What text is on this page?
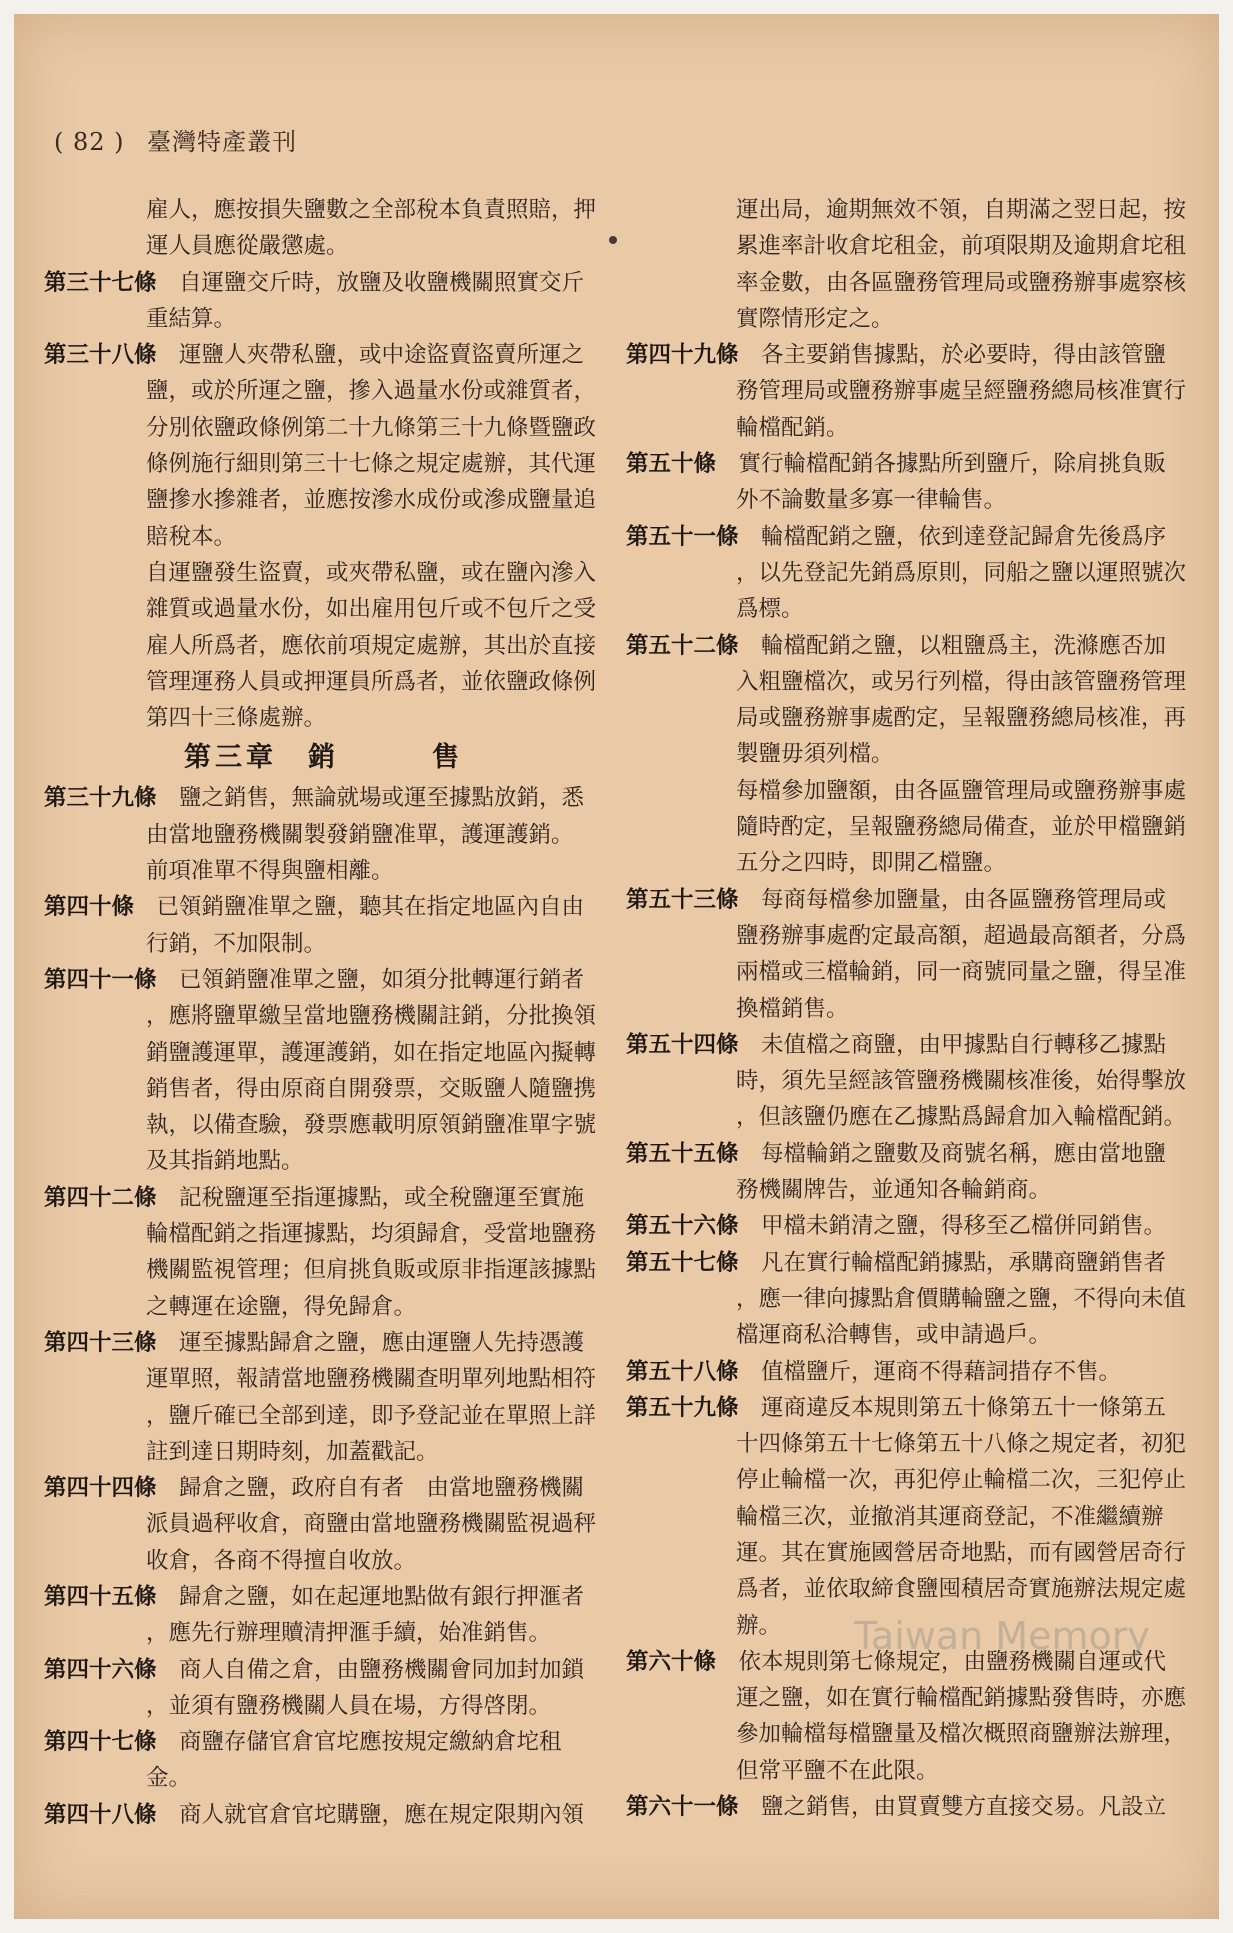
( 82 ) 臺灣特產叢刊
雇人，應按損失鹽數之全部稅本負責照賠，押
運人員應從嚴懲處。
第三十七條　自運鹽交斤時，放鹽及收鹽機關照實交斤
重結算。
第三十八條　運鹽人夾帶私鹽，或中途盜賣盜賣所運之
鹽，或於所運之鹽，摻入過量水份或雜質者，
分別依鹽政條例第二十九條第三十九條暨鹽政
條例施行細則第三十七條之規定處辦，其代運
鹽摻水摻雜者，並應按滲水成份或滲成鹽量追
賠稅本。
自運鹽發生盜賣，或夾帶私鹽，或在鹽內滲入
雜質或過量水份，如出雇用包斤或不包斤之受
雇人所爲者，應依前項規定處辦，其出於直接
管理運務人員或押運員所爲者，並依鹽政條例
第四十三條處辦。
第三章　銷　　　售
第三十九條　鹽之銷售，無論就場或運至據點放銷，悉
由當地鹽務機關製發銷鹽准單，護運護銷。
前項准單不得與鹽相離。
第四十條　已領銷鹽准單之鹽，聽其在指定地區內自由
行銷，不加限制。
第四十一條　已領銷鹽准單之鹽，如須分批轉運行銷者
，應將鹽單繳呈當地鹽務機關註銷，分批換領
銷鹽護運單，護運護銷，如在指定地區內擬轉
銷售者，得由原商自開發票，交販鹽人隨鹽携
執，以備查驗，發票應載明原領銷鹽准單字號
及其指銷地點。
第四十二條　記稅鹽運至指運據點，或全稅鹽運至實施
輪檔配銷之指運據點，均須歸倉，受當地鹽務
機關監視管理；但肩挑負販或原非指運該據點
之轉運在途鹽，得免歸倉。
第四十三條　運至據點歸倉之鹽，應由運鹽人先持憑護
運單照，報請當地鹽務機關查明單列地點相符
，鹽斤確已全部到達，即予登記並在單照上詳
註到達日期時刻，加蓋戳記。
第四十四條　歸倉之鹽，政府自有者　由當地鹽務機關
派員過秤收倉，商鹽由當地鹽務機關監視過秤
收倉，各商不得擅自收放。
第四十五條　歸倉之鹽，如在起運地點做有銀行押滙者
，應先行辦理贖清押滙手續，始准銷售。
第四十六條　商人自備之倉，由鹽務機關會同加封加鎖
，並須有鹽務機關人員在場，方得啓閉。
第四十七條　商鹽存儲官倉官坨應按規定繳納倉坨租
金。
第四十八條　商人就官倉官坨購鹽，應在規定限期內領
運出局，逾期無效不領，自期滿之翌日起，按
累進率計收倉坨租金，前項限期及逾期倉坨租
率金數，由各區鹽務管理局或鹽務辦事處察核
實際情形定之。
第四十九條　各主要銷售據點，於必要時，得由該管鹽
務管理局或鹽務辦事處呈經鹽務總局核准實行
輪檔配銷。
第五十條　實行輪檔配銷各據點所到鹽斤，除肩挑負販
外不論數量多寡一律輪售。
第五十一條　輪檔配銷之鹽，依到達登記歸倉先後爲序
，以先登記先銷爲原則，同船之鹽以運照號次
爲標。
第五十二條　輪檔配銷之鹽，以粗鹽爲主，洗滌應否加
入粗鹽檔次，或另行列檔，得由該管鹽務管理
局或鹽務辦事處酌定，呈報鹽務總局核准，再
製鹽毋須列檔。
每檔參加鹽額，由各區鹽管理局或鹽務辦事處
隨時酌定，呈報鹽務總局備查，並於甲檔鹽銷
五分之四時，即開乙檔鹽。
第五十三條　每商每檔參加鹽量，由各區鹽務管理局或
鹽務辦事處酌定最高額，超過最高額者，分爲
兩檔或三檔輪銷，同一商號同量之鹽，得呈准
換檔銷售。
第五十四條　未值檔之商鹽，由甲據點自行轉移乙據點
時，須先呈經該管鹽務機關核准後，始得擊放
，但該鹽仍應在乙據點爲歸倉加入輪檔配銷。
第五十五條　每檔輪銷之鹽數及商號名稱，應由當地鹽
務機關牌告，並通知各輪銷商。
第五十六條　甲檔未銷清之鹽，得移至乙檔併同銷售。
第五十七條　凡在實行輪檔配銷據點，承購商鹽銷售者
，應一律向據點倉價購輪鹽之鹽，不得向未值
檔運商私洽轉售，或申請過戶。
第五十八條　值檔鹽斤，運商不得藉詞措存不售。
第五十九條　運商違反本規則第五十條第五十一條第五
十四條第五十七條第五十八條之規定者，初犯
停止輪檔一次，再犯停止輪檔二次，三犯停止
輪檔三次，並撤消其運商登記，不准繼續辦
運。其在實施國營居奇地點，而有國營居奇行
爲者，並依取締食鹽囤積居奇實施辦法規定處
辦。
第六十條　依本規則第七條規定，由鹽務機關自運或代
運之鹽，如在實行輪檔配銷據點發售時，亦應
參加輪檔每檔鹽量及檔次概照商鹽辦法辦理，
但常平鹽不在此限。
第六十一條　鹽之銷售，由買賣雙方直接交易。凡設立
Taiwan Memory
